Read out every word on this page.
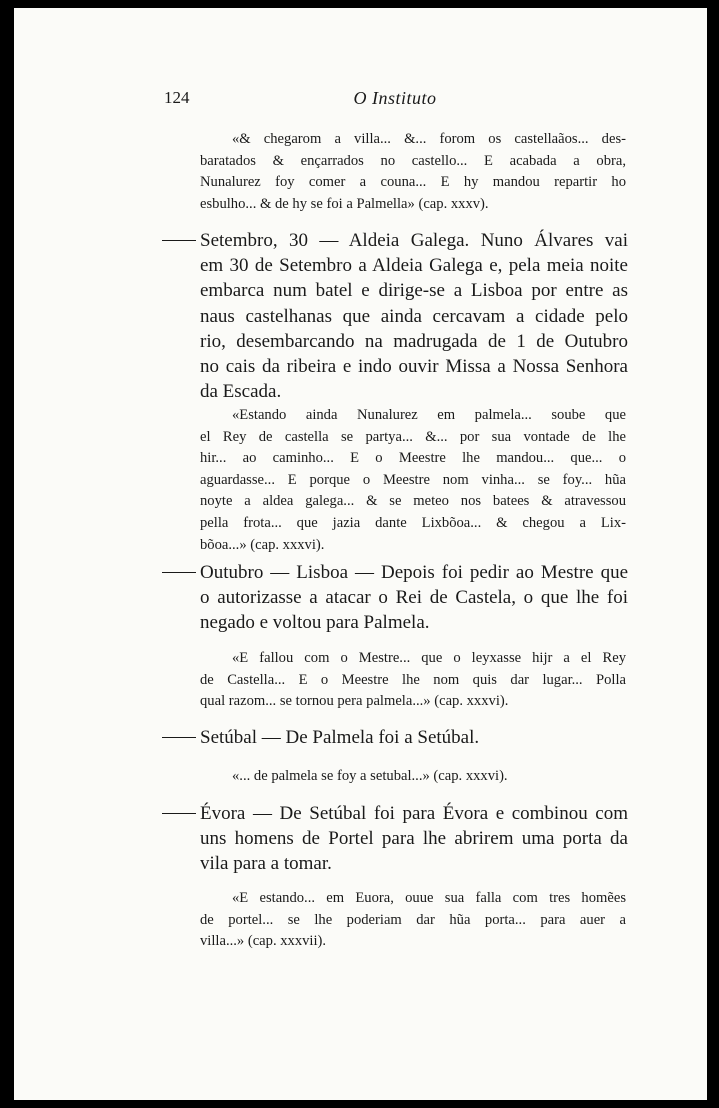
124	O Instituto
«& chegarom a villa... &... forom os castellaãos... des-
baratados & ençarrados no castello... E acabada a obra,
Nunalurez foy comer a couna... E hy mandou repartir ho
esbulho... & de hy se foi a Palmella» (cap. xxxv).
Setembro, 30 — Aldeia Galega. Nuno Álvares vai
em 30 de Setembro a Aldeia Galega e, pela meia noite
embarca num batel e dirige-se a Lisboa por entre as
naus castelhanas que ainda cercavam a cidade pelo
rio, desembarcando na madrugada de 1 de Outubro
no cais da ribeira e indo ouvir Missa a Nossa Senhora
da Escada.
«Estando ainda Nunalurez em palmela... soube que
el Rey de castella se partya... &... por sua vontade de lhe
hir... ao caminho... E o Meestre lhe mandou... que... o
aguardasse... E porque o Meestre nom vinha... se foy... hũa
noyte a aldea galega... & se meteo nos batees & atravessou
pella frota... que jazia dante Lixbõoa... & chegou a Lix-
bõoa...» (cap. xxxvi).
Outubro — Lisboa — Depois foi pedir ao Mestre que
o autorizasse a atacar o Rei de Castela, o que lhe foi
negado e voltou para Palmela.
«E fallou com o Mestre... que o leyxasse hijr a el Rey
de Castella... E o Meestre lhe nom quis dar lugar... Polla
qual razom... se tornou pera palmela...» (cap. xxxvi).
Setúbal — De Palmela foi a Setúbal.
«... de palmela se foy a setubal...» (cap. xxxvi).
Évora — De Setúbal foi para Évora e combinou com
uns homens de Portel para lhe abrirem uma porta da
vila para a tomar.
«E estando... em Euora, ouue sua falla com tres homẽes
de portel... se lhe poderiam dar hũa porta... para auer a
villa...» (cap. xxxvii).
